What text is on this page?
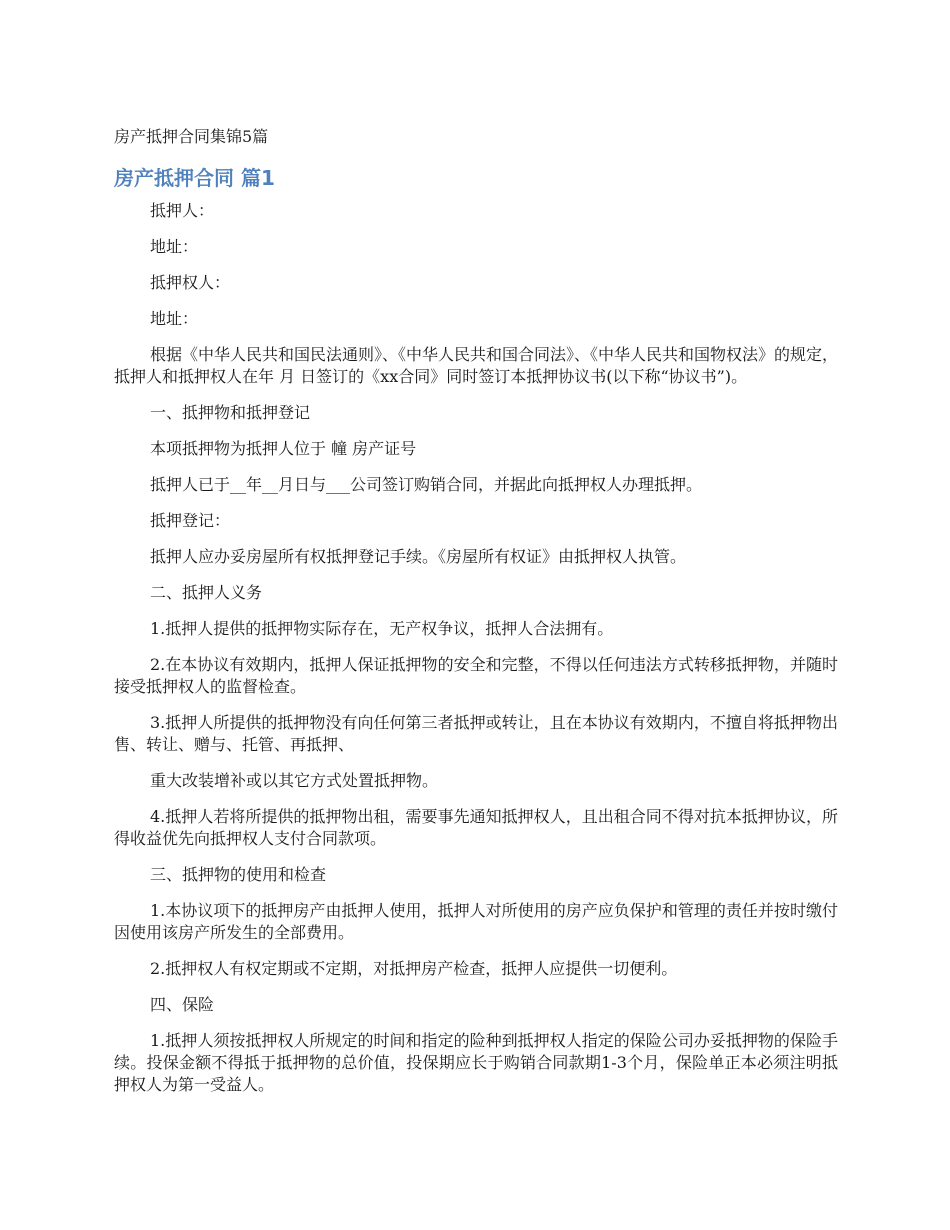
房产抵押合同集锦5篇

房产抵押合同 篇1

抵押人：

地址：

抵押权人：

地址：

根据《中华人民共和国民法通则》、《中华人民共和国合同法》、《中华人民共和国物权法》的规定，抵押人和抵押权人在年 月 日签订的《xx合同》同时签订本抵押协议书(以下称“协议书”)。

一、抵押物和抵押登记

本项抵押物为抵押人位于 幢 房产证号

抵押人已于__年__月日与___公司签订购销合同，并据此向抵押权人办理抵押。

抵押登记：

抵押人应办妥房屋所有权抵押登记手续。《房屋所有权证》由抵押权人执管。

二、抵押人义务

1.抵押人提供的抵押物实际存在，无产权争议，抵押人合法拥有。

2.在本协议有效期内，抵押人保证抵押物的安全和完整，不得以任何违法方式转移抵押物，并随时接受抵押权人的监督检查。

3.抵押人所提供的抵押物没有向任何第三者抵押或转让，且在本协议有效期内，不擅自将抵押物出售、转让、赠与、托管、再抵押、

重大改装增补或以其它方式处置抵押物。

4.抵押人若将所提供的抵押物出租，需要事先通知抵押权人，且出租合同不得对抗本抵押协议，所得收益优先向抵押权人支付合同款项。

三、抵押物的使用和检查

1.本协议项下的抵押房产由抵押人使用，抵押人对所使用的房产应负保护和管理的责任并按时缴付因使用该房产所发生的全部费用。

2.抵押权人有权定期或不定期，对抵押房产检查，抵押人应提供一切便利。

四、保险

1.抵押人须按抵押权人所规定的时间和指定的险种到抵押权人指定的保险公司办妥抵押物的保险手续。投保金额不得抵于抵押物的总价值，投保期应长于购销合同款期1-3个月，保险单正本必须注明抵押权人为第一受益人。
